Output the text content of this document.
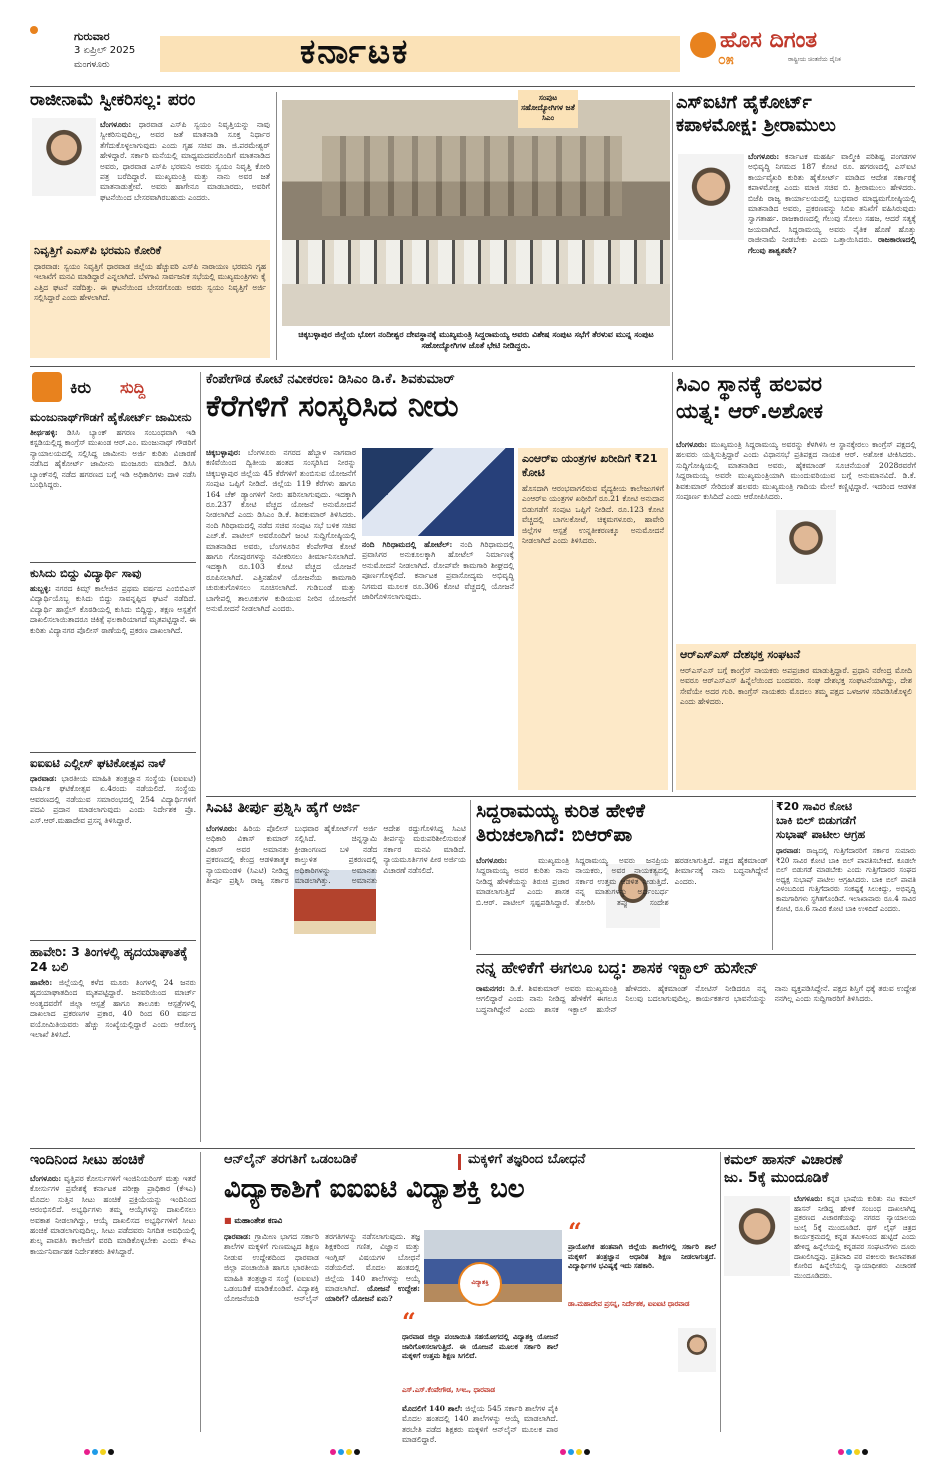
ಗುರುವಾರ
3 ಏಪ್ರಿಲ್ 2025
ಮಂಗಳೂರು	ಕರ್ನಾಟಕ	ಹೊಸ ದಿಗಂತ
ರಾಷ್ಟ್ರೀಯ ಚಿಂತನೆಯ ದೈನಿಕ
೦೫
ರಾಜೀನಾಮೆ ಸ್ವೀಕರಿಸಲ್ಲ: ಪರಂ
ಬೆಂಗಳೂರು: ಧಾರವಾಡ ಎಸ್‌ಪಿ ಸ್ವಯಂ ನಿವೃತ್ತಿಯನ್ನು ನಾವು ಸ್ವೀಕರಿಸುವುದಿಲ್ಲ, ಅವರ ಜತೆ ಮಾತನಾಡಿ ಸೂಕ್ತ ನಿರ್ಧಾರ ತೆಗೆದುಕೊಳ್ಳಲಾಗುವುದು ಎಂದು ಗೃಹ ಸಚಿವ ಡಾ. ಜಿ.ಪರಮೇಶ್ವರ್ ಹೇಳಿದ್ದಾರೆ. ಸರ್ಕಾರಿ ಮನೆಯಲ್ಲಿ ಮಾಧ್ಯಮದವರೊಂದಿಗೆ ಮಾತನಾಡಿದ ಅವರು, ಧಾರವಾಡ ಎಸ್‌ಪಿ ಭರಮನಿ ಅವರು ಸ್ವಯಂ ನಿವೃತ್ತಿ ಕೋರಿ ಪತ್ರ ಬರೆದಿದ್ದಾರೆ. ಮುಖ್ಯಮಂತ್ರಿ ಮತ್ತು ನಾನು ಅವರ ಜತೆ ಮಾತನಾಡುತ್ತೇವೆ. ಅವರು ಹಾಗೇನೂ ಮಾಡಬಾರದು, ಅವರಿಗೆ ಘಟನೆಯಿಂದ ಬೇಸರವಾಗಿರಬಹುದು ಎಂದರು.
ನಿವೃತ್ತಿಗೆ ಎಎಸ್‌ಪಿ ಭರಮನಿ ಕೋರಿಕೆ
ಧಾರವಾಡ: ಸ್ವಯಂ ನಿವೃತ್ತಿಗೆ ಧಾರವಾಡ ಜಿಲ್ಲೆಯ ಹೆಚ್ಚುವರಿ ಎಸ್‌ಪಿ ನಾರಾಯಣ ಭರಮನಿ ಗೃಹ ಇಲಾಖೆಗೆ ಮನವಿ ಮಾಡಿದ್ದಾರೆ ಎನ್ನಲಾಗಿದೆ. ಬೆಳಗಾವಿ ಸಾರ್ವಜನಿಕ ಸಭೆಯಲ್ಲಿ ಮುಖ್ಯಮಂತ್ರಿಗಳು ಕೈ ಎತ್ತಿದ ಘಟನೆ ನಡೆದಿತ್ತು. ಈ ಘಟನೆಯಿಂದ ಬೇಸರಗೊಂಡು ಅವರು ಸ್ವಯಂ ನಿವೃತ್ತಿಗೆ ಅರ್ಜಿ ಸಲ್ಲಿಸಿದ್ದಾರೆ ಎಂದು ಹೇಳಲಾಗಿದೆ.
ಸಂಪುಟ ಸಹೋದ್ಯೋಗಿಗಳ ಜತೆ ಸಿಎಂ
ಚಿಕ್ಕಬಳ್ಳಾಪುರ ಜಿಲ್ಲೆಯ ಭೋಗ ನಂದೀಶ್ವರ ದೇವಸ್ಥಾನಕ್ಕೆ ಮುಖ್ಯಮಂತ್ರಿ ಸಿದ್ದರಾಮಯ್ಯ ಅವರು ವಿಶೇಷ ಸಂಪುಟ ಸಭೆಗೆ ತೆರಳುವ ಮುನ್ನ ಸಂಪುಟ ಸಹೋದ್ಯೋಗಿಗಳ ಜೊತೆ ಭೇಟಿ ನೀಡಿದ್ದರು.
ಎಸ್‌ಐಟಿಗೆ ಹೈಕೋರ್ಟ್
ಕಪಾಳಮೋಕ್ಷ: ಶ್ರೀರಾಮುಲು
ಬೆಂಗಳೂರು: ಕರ್ನಾಟಕ ಮಹರ್ಷಿ ವಾಲ್ಮೀಕಿ ಪರಿಶಿಷ್ಟ ಪಂಗಡಗಳ ಅಭಿವೃದ್ಧಿ ನಿಗಮದ 187 ಕೋಟಿ ರೂ. ಹಗರಣದಲ್ಲಿ ಎಸ್‌ಐಟಿ ಕಾರ್ಯವೈಖರಿ ಕುರಿತು ಹೈಕೋರ್ಟ್ ಮಾಡಿದ ಆದೇಶ ಸರ್ಕಾರಕ್ಕೆ ಕಪಾಳಮೋಕ್ಷ ಎಂದು ಮಾಜಿ ಸಚಿವ ಬಿ. ಶ್ರೀರಾಮುಲು ಹೇಳಿದರು. ಬಿಜೆಪಿ ರಾಜ್ಯ ಕಾರ್ಯಾಲಯದಲ್ಲಿ ಬುಧವಾರ ಮಾಧ್ಯಮಗೋಷ್ಠಿಯಲ್ಲಿ ಮಾತನಾಡಿದ ಅವರು, ಪ್ರಕರಣವನ್ನು ಸಿಬಿಐ ತನಿಖೆಗೆ ವಹಿಸಿರುವುದು ಸ್ವಾಗತಾರ್ಹ. ರಾಜಕಾರಣದಲ್ಲಿ ಗೆಲುವು ಸೋಲು ಸಹಜ, ಆದರೆ ಸತ್ಯಕ್ಕೆ ಜಯವಾಗಿದೆ. ಸಿದ್ದರಾಮಯ್ಯ ಅವರು ನೈತಿಕ ಹೊಣೆ ಹೊತ್ತು ರಾಜೀನಾಮೆ ನೀಡಬೇಕು ಎಂದು ಒತ್ತಾಯಿಸಿದರು. ರಾಜಕಾರಣದಲ್ಲಿ ಗೆಲುವು ಶಾಶ್ವತವೇ?
ಕಿರು ಸುದ್ದಿ
ಮಂಜುನಾಥ್‌ಗೌಡಗೆ ಹೈಕೋರ್ಟ್ ಜಾಮೀನು
ತೀರ್ಥಹಳ್ಳಿ: ಡಿಸಿಸಿ ಬ್ಯಾಂಕ್ ಹಗರಣ ಸಂಬಂಧವಾಗಿ ಇಡಿ ಕಸ್ಟಡಿಯಲ್ಲಿದ್ದ ಕಾಂಗ್ರೆಸ್ ಮುಖಂಡ ಆರ್.ಎಂ. ಮಂಜುನಾಥ್ ಗೌಡರಿಗೆ ನ್ಯಾಯಾಲಯದಲ್ಲಿ ಸಲ್ಲಿಸಿದ್ದ ಜಾಮೀನು ಅರ್ಜಿ ಕುರಿತು ವಿಚಾರಣೆ ನಡೆಸಿದ ಹೈಕೋರ್ಟ್ ಜಾಮೀನು ಮಂಜೂರು ಮಾಡಿದೆ. ಡಿಸಿಸಿ ಬ್ಯಾಂಕ್‌ನಲ್ಲಿ ನಡೆದ ಹಗರಣದ ಬಗ್ಗೆ ಇಡಿ ಅಧಿಕಾರಿಗಳು ದಾಳಿ ನಡೆಸಿ ಬಂಧಿಸಿದ್ದರು.
ಕುಸಿದು ಬಿದ್ದು ವಿದ್ಯಾರ್ಥಿ ಸಾವು
ಹುಬ್ಬಳ್ಳಿ: ನಗರದ ಕಿಮ್ಸ್ ಕಾಲೇಜಿನ ಪ್ರಥಮ ವರ್ಷದ ಎಂಬಿಬಿಎಸ್ ವಿದ್ಯಾರ್ಥಿಯೊಬ್ಬ ಕುಸಿದು ಬಿದ್ದು ಸಾವನ್ನಪ್ಪಿದ ಘಟನೆ ನಡೆದಿದೆ. ವಿದ್ಯಾರ್ಥಿ ಹಾಸ್ಟೆಲ್ ಕೊಠಡಿಯಲ್ಲಿ ಕುಸಿದು ಬಿದ್ದಿದ್ದು, ತಕ್ಷಣ ಆಸ್ಪತ್ರೆಗೆ ದಾಖಲಿಸಲಾಯಿತಾದರೂ ಚಿಕಿತ್ಸೆ ಫಲಕಾರಿಯಾಗದೆ ಮೃತಪಟ್ಟಿದ್ದಾನೆ. ಈ ಕುರಿತು ವಿದ್ಯಾನಗರ ಪೊಲೀಸ್ ಠಾಣೆಯಲ್ಲಿ ಪ್ರಕರಣ ದಾಖಲಾಗಿದೆ.
ಐಐಐಟಿ ಎಲ್ಲೀಸ್ ಘಟಿಕೋತ್ಸವ ನಾಳೆ
ಧಾರವಾಡ: ಭಾರತೀಯ ಮಾಹಿತಿ ತಂತ್ರಜ್ಞಾನ ಸಂಸ್ಥೆಯ (ಐಐಐಟಿ) ವಾರ್ಷಿಕ ಘಟಿಕೋತ್ಸವ ಏ.4ರಂದು ನಡೆಯಲಿದೆ. ಸಂಸ್ಥೆಯ ಆವರಣದಲ್ಲಿ ನಡೆಯುವ ಸಮಾರಂಭದಲ್ಲಿ 254 ವಿದ್ಯಾರ್ಥಿಗಳಿಗೆ ಪದವಿ ಪ್ರದಾನ ಮಾಡಲಾಗುವುದು ಎಂದು ನಿರ್ದೇಶಕ ಪ್ರೊ. ಎಸ್.ಆರ್.ಮಹಾದೇವ ಪ್ರಸನ್ನ ತಿಳಿಸಿದ್ದಾರೆ.
ಹಾವೇರಿ: 3 ತಿಂಗಳಲ್ಲಿ ಹೃದಯಾಘಾತಕ್ಕೆ 24 ಬಲಿ
ಹಾವೇರಿ: ಜಿಲ್ಲೆಯಲ್ಲಿ ಕಳೆದ ಮೂರು ತಿಂಗಳಲ್ಲಿ 24 ಜನರು ಹೃದಯಾಘಾತದಿಂದ ಮೃತಪಟ್ಟಿದ್ದಾರೆ. ಜನವರಿಯಿಂದ ಮಾರ್ಚ್ ಅಂತ್ಯದವರೆಗೆ ಜಿಲ್ಲಾ ಆಸ್ಪತ್ರೆ ಹಾಗೂ ತಾಲೂಕು ಆಸ್ಪತ್ರೆಗಳಲ್ಲಿ ದಾಖಲಾದ ಪ್ರಕರಣಗಳ ಪ್ರಕಾರ, 40 ರಿಂದ 60 ವರ್ಷದ ವಯೋಮಿತಿಯವರು ಹೆಚ್ಚು ಸಂಖ್ಯೆಯಲ್ಲಿದ್ದಾರೆ ಎಂದು ಆರೋಗ್ಯ ಇಲಾಖೆ ತಿಳಿಸಿದೆ.
ಕೆಂಪೇಗೌಡ ಕೋಟೆ ನವೀಕರಣ: ಡಿಸಿಎಂ ಡಿ.ಕೆ. ಶಿವಕುಮಾರ್
ಕೆರೆಗಳಿಗೆ ಸಂಸ್ಕರಿಸಿದ ನೀರು
ಚಿಕ್ಕಬಳ್ಳಾಪುರ: ಬೆಂಗಳೂರು ನಗರದ ಹೆಬ್ಬಾಳ ನಾಗವಾರ ಕಣಿವೆಯಿಂದ ದ್ವಿತೀಯ ಹಂತದ ಸಂಸ್ಕರಿಸಿದ ನೀರನ್ನು ಚಿಕ್ಕಬಳ್ಳಾಪುರ ಜಿಲ್ಲೆಯ 45 ಕೆರೆಗಳಿಗೆ ತುಂಬಿಸುವ ಯೋಜನೆಗೆ ಸಂಪುಟ ಒಪ್ಪಿಗೆ ನೀಡಿದೆ. ಜಿಲ್ಲೆಯ 119 ಕೆರೆಗಳು ಹಾಗೂ 164 ಚೆಕ್ ಡ್ಯಾಂಗಳಿಗೆ ನೀರು ಹರಿಸಲಾಗುವುದು. ಇದಕ್ಕಾಗಿ ರೂ.237 ಕೋಟಿ ವೆಚ್ಚದ ಯೋಜನೆ ಅನುಮೋದನೆ ನೀಡಲಾಗಿದೆ ಎಂದು ಡಿಸಿಎಂ ಡಿ.ಕೆ. ಶಿವಕುಮಾರ್ ತಿಳಿಸಿದರು. ನಂದಿ ಗಿರಿಧಾಮದಲ್ಲಿ ನಡೆದ ಸಚಿವ ಸಂಪುಟ ಸಭೆ ಬಳಿಕ ಸಚಿವ ಎಚ್.ಕೆ. ಪಾಟೀಲ್ ಅವರೊಂದಿಗೆ ಜಂಟಿ ಸುದ್ದಿಗೋಷ್ಠಿಯಲ್ಲಿ ಮಾತನಾಡಿದ ಅವರು, ಬೆಂಗಳೂರಿನ ಕೆಂಪೇಗೌಡ ಕೋಟೆ ಹಾಗೂ ಗೋಪುರಗಳನ್ನು ನವೀಕರಿಸಲು ತೀರ್ಮಾನಿಸಲಾಗಿದೆ. ಇದಕ್ಕಾಗಿ ರೂ.103 ಕೋಟಿ ವೆಚ್ಚದ ಯೋಜನೆ ರೂಪಿಸಲಾಗಿದೆ. ಎತ್ತಿನಹೊಳೆ ಯೋಜನೆಯ ಕಾಮಗಾರಿ ಚುರುಕುಗೊಳಿಸಲು ಸೂಚಿಸಲಾಗಿದೆ. ಗುಡಿಬಂಡೆ ಮತ್ತು ಬಾಗೇಪಲ್ಲಿ ತಾಲೂಕುಗಳ ಕುಡಿಯುವ ನೀರಿನ ಯೋಜನೆಗೆ ಅನುಮೋದನೆ ನೀಡಲಾಗಿದೆ ಎಂದರು.
ನಂದಿ ಗಿರಿಧಾಮದಲ್ಲಿ ಹೋಟೆಲ್: ನಂದಿ ಗಿರಿಧಾಮದಲ್ಲಿ ಪ್ರವಾಸಿಗರ ಅನುಕೂಲಕ್ಕಾಗಿ ಹೋಟೆಲ್ ನಿರ್ಮಾಣಕ್ಕೆ ಅನುಮೋದನೆ ನೀಡಲಾಗಿದೆ. ರೋಪ್‌ವೇ ಕಾಮಗಾರಿ ಶೀಘ್ರದಲ್ಲಿ ಪೂರ್ಣಗೊಳ್ಳಲಿದೆ. ಕರ್ನಾಟಕ ಪ್ರವಾಸೋದ್ಯಮ ಅಭಿವೃದ್ಧಿ ನಿಗಮದ ಮೂಲಕ ರೂ.306 ಕೋಟಿ ವೆಚ್ಚದಲ್ಲಿ ಯೋಜನೆ ಜಾರಿಗೊಳಿಸಲಾಗುವುದು.
ಎಂಆರ್‌ಐ ಯಂತ್ರಗಳ ಖರೀದಿಗೆ ₹21 ಕೋಟಿ
ಹೊಸದಾಗಿ ಆರಂಭವಾಗಲಿರುವ ವೈದ್ಯಕೀಯ ಕಾಲೇಜುಗಳಿಗೆ ಎಂಆರ್‌ಐ ಯಂತ್ರಗಳ ಖರೀದಿಗೆ ರೂ.21 ಕೋಟಿ ಅನುದಾನ ಬಿಡುಗಡೆಗೆ ಸಂಪುಟ ಒಪ್ಪಿಗೆ ನೀಡಿದೆ. ರೂ.123 ಕೋಟಿ ವೆಚ್ಚದಲ್ಲಿ ಬಾಗಲಕೋಟೆ, ಚಿಕ್ಕಮಗಳೂರು, ಹಾವೇರಿ ಜಿಲ್ಲೆಗಳ ಆಸ್ಪತ್ರೆ ಉನ್ನತೀಕರಣಕ್ಕೂ ಅನುಮೋದನೆ ನೀಡಲಾಗಿದೆ ಎಂದು ತಿಳಿಸಿದರು.
ಸಿಎಂ ಸ್ಥಾನಕ್ಕೆ ಹಲವರ
ಯತ್ನ: ಆರ್.ಅಶೋಕ
ಬೆಂಗಳೂರು: ಮುಖ್ಯಮಂತ್ರಿ ಸಿದ್ದರಾಮಯ್ಯ ಅವರನ್ನು ಕೆಳಗಿಳಿಸಿ ಆ ಸ್ಥಾನಕ್ಕೇರಲು ಕಾಂಗ್ರೆಸ್ ಪಕ್ಷದಲ್ಲಿ ಹಲವರು ಯತ್ನಿಸುತ್ತಿದ್ದಾರೆ ಎಂದು ವಿಧಾನಸಭೆ ಪ್ರತಿಪಕ್ಷದ ನಾಯಕ ಆರ್. ಅಶೋಕ ಟೀಕಿಸಿದರು. ಸುದ್ದಿಗೋಷ್ಠಿಯಲ್ಲಿ ಮಾತನಾಡಿದ ಅವರು, ಹೈಕಮಾಂಡ್ ಸೂಚನೆಯಂತೆ 2028ರವರೆಗೆ ಸಿದ್ದರಾಮಯ್ಯ ಅವರೇ ಮುಖ್ಯಮಂತ್ರಿಯಾಗಿ ಮುಂದುವರಿಯುವ ಬಗ್ಗೆ ಅನುಮಾನವಿದೆ. ಡಿ.ಕೆ. ಶಿವಕುಮಾರ್ ಸೇರಿದಂತೆ ಹಲವರು ಮುಖ್ಯಮಂತ್ರಿ ಗಾದಿಯ ಮೇಲೆ ಕಣ್ಣಿಟ್ಟಿದ್ದಾರೆ. ಇದರಿಂದ ಆಡಳಿತ ಸಂಪೂರ್ಣ ಕುಸಿದಿದೆ ಎಂದು ಆರೋಪಿಸಿದರು.
ಆರ್‌ಎಸ್‌ಎಸ್ ದೇಶಭಕ್ತ ಸಂಘಟನೆ
ಆರ್‌ಎಸ್‌ಎಸ್ ಬಗ್ಗೆ ಕಾಂಗ್ರೆಸ್ ನಾಯಕರು ಅಪಪ್ರಚಾರ ಮಾಡುತ್ತಿದ್ದಾರೆ. ಪ್ರಧಾನಿ ನರೇಂದ್ರ ಮೋದಿ ಅವರೂ ಆರ್‌ಎಸ್‌ಎಸ್ ಹಿನ್ನೆಲೆಯಿಂದ ಬಂದವರು. ಸಂಘ ದೇಶಭಕ್ತ ಸಂಘಟನೆಯಾಗಿದ್ದು, ದೇಶ ಸೇವೆಯೇ ಅದರ ಗುರಿ. ಕಾಂಗ್ರೆಸ್ ನಾಯಕರು ಮೊದಲು ತಮ್ಮ ಪಕ್ಷದ ಒಳಜಗಳ ಸರಿಪಡಿಸಿಕೊಳ್ಳಲಿ ಎಂದು ಹೇಳಿದರು.
ಸಿಎಟಿ ತೀರ್ಪು ಪ್ರಶ್ನಿಸಿ ಹೈಗೆ ಅರ್ಜಿ
ಬೆಂಗಳೂರು: ಹಿರಿಯ ಪೊಲೀಸ್ ಅಧಿಕಾರಿ ವಿಕಾಸ್ ಕುಮಾರ್ ವಿಕಾಸ್ ಅವರ ಅಮಾನತು ಪ್ರಕರಣದಲ್ಲಿ ಕೇಂದ್ರ ಆಡಳಿತಾತ್ಮಕ ನ್ಯಾಯಮಂಡಳಿ (ಸಿಎಟಿ) ನೀಡಿದ್ದ ತೀರ್ಪು ಪ್ರಶ್ನಿಸಿ ರಾಜ್ಯ ಸರ್ಕಾರ ಬುಧವಾರ ಹೈಕೋರ್ಟ್‌ಗೆ ಅರ್ಜಿ ಸಲ್ಲಿಸಿದೆ. ಚಿನ್ನಸ್ವಾಮಿ ಕ್ರೀಡಾಂಗಣದ ಬಳಿ ನಡೆದ ಕಾಲ್ತುಳಿತ ಪ್ರಕರಣದಲ್ಲಿ ಅಧಿಕಾರಿಗಳನ್ನು ಅಮಾನತು ಮಾಡಲಾಗಿತ್ತು. ಅಮಾನತು ಆದೇಶ ರದ್ದುಗೊಳಿಸಿದ್ದ ಸಿಎಟಿ ತೀರ್ಪನ್ನು ಮರುಪರಿಶೀಲಿಸುವಂತೆ ಸರ್ಕಾರ ಮನವಿ ಮಾಡಿದೆ. ನ್ಯಾಯಮೂರ್ತಿಗಳ ಪೀಠ ಅರ್ಜಿಯ ವಿಚಾರಣೆ ನಡೆಸಲಿದೆ.
ಸಿದ್ದರಾಮಯ್ಯ ಕುರಿತ ಹೇಳಿಕೆ
ತಿರುಚಲಾಗಿದೆ: ಬಿಆರ್‌ಪಾ
ಬೆಂಗಳೂರು:	ಮುಖ್ಯಮಂತ್ರಿ ಸಿದ್ದರಾಮಯ್ಯ ಅವರ ಕುರಿತು ನಾನು ನೀಡಿದ್ದ ಹೇಳಿಕೆಯನ್ನು ತಿರುಚಿ ಪ್ರಚಾರ ಮಾಡಲಾಗುತ್ತಿದೆ ಎಂದು ಶಾಸಕ ಬಿ.ಆರ್. ಪಾಟೀಲ್ ಸ್ಪಷ್ಟಪಡಿಸಿದ್ದಾರೆ. ಸಿದ್ದರಾಮಯ್ಯ ಅವರು ಜನಪ್ರಿಯ ನಾಯಕರು, ಅವರ ನಾಯಕತ್ವದಲ್ಲಿ ಸರ್ಕಾರ ಉತ್ತಮ ಆಡಳಿತ ನೀಡುತ್ತಿದೆ. ನನ್ನ ಮಾತುಗಳನ್ನು ಅರ್ಧಂಬರ್ಧ ತೋರಿಸಿ ತಪ್ಪು ಸಂದೇಶ ಹರಡಲಾಗುತ್ತಿದೆ. ಪಕ್ಷದ ಹೈಕಮಾಂಡ್ ತೀರ್ಮಾನಕ್ಕೆ ನಾನು ಬದ್ಧನಾಗಿದ್ದೇನೆ ಎಂದರು.
₹20 ಸಾವಿರ ಕೋಟಿ
ಬಾಕಿ ಬಿಲ್ ಬಿಡುಗಡೆಗೆ
ಸುಭಾಷ್ ಪಾಟೀಲ ಆಗ್ರಹ
ಧಾರವಾಡ: ರಾಜ್ಯದಲ್ಲಿ ಗುತ್ತಿಗೆದಾರರಿಗೆ ಸರ್ಕಾರ ಸುಮಾರು ₹20 ಸಾವಿರ ಕೋಟಿ ಬಾಕಿ ಬಿಲ್ ಪಾವತಿಸಬೇಕಿದೆ. ಕೂಡಲೇ ಬಿಲ್ ಬಿಡುಗಡೆ ಮಾಡಬೇಕು ಎಂದು ಗುತ್ತಿಗೆದಾರರ ಸಂಘದ ಅಧ್ಯಕ್ಷ ಸುಭಾಷ್ ಪಾಟೀಲ ಆಗ್ರಹಿಸಿದರು. ಬಾಕಿ ಬಿಲ್ ಪಾವತಿ ವಿಳಂಬದಿಂದ ಗುತ್ತಿಗೆದಾರರು ಸಂಕಷ್ಟಕ್ಕೆ ಸಿಲುಕಿದ್ದು, ಅಭಿವೃದ್ಧಿ ಕಾಮಗಾರಿಗಳು ಸ್ಥಗಿತಗೊಂಡಿವೆ. ಇಲಾಖಾವಾರು ರೂ.4 ಸಾವಿರ ಕೋಟಿ, ರೂ.6 ಸಾವಿರ ಕೋಟಿ ಬಾಕಿ ಉಳಿದಿದೆ ಎಂದರು.
ನನ್ನ ಹೇಳಿಕೆಗೆ ಈಗಲೂ ಬದ್ಧ: ಶಾಸಕ ಇಕ್ಬಾಲ್ ಹುಸೇನ್
ರಾಮನಗರ: ಡಿ.ಕೆ. ಶಿವಕುಮಾರ್ ಅವರು ಮುಖ್ಯಮಂತ್ರಿ ಆಗಲಿದ್ದಾರೆ ಎಂದು ನಾನು ನೀಡಿದ್ದ ಹೇಳಿಕೆಗೆ ಈಗಲೂ ಬದ್ಧನಾಗಿದ್ದೇನೆ ಎಂದು ಶಾಸಕ ಇಕ್ಬಾಲ್ ಹುಸೇನ್ ಹೇಳಿದರು. ಹೈಕಮಾಂಡ್ ನೋಟಿಸ್ ನೀಡಿದರೂ ನನ್ನ ನಿಲುವು ಬದಲಾಗುವುದಿಲ್ಲ. ಕಾರ್ಯಕರ್ತರ ಭಾವನೆಯನ್ನು ನಾನು ವ್ಯಕ್ತಪಡಿಸಿದ್ದೇನೆ. ಪಕ್ಷದ ಶಿಸ್ತಿಗೆ ಧಕ್ಕೆ ತರುವ ಉದ್ದೇಶ ನನಗಿಲ್ಲ ಎಂದು ಸುದ್ದಿಗಾರರಿಗೆ ತಿಳಿಸಿದರು.
ಇಂದಿನಿಂದ ಸೀಟು ಹಂಚಿಕೆ
ಬೆಂಗಳೂರು: ವೃತ್ತಿಪರ ಕೋರ್ಸುಗಳಿಗೆ ಇಂಜಿನಿಯರಿಂಗ್ ಮತ್ತು ಇತರೆ ಕೋರ್ಸುಗಳ ಪ್ರವೇಶಕ್ಕೆ ಕರ್ನಾಟಕ ಪರೀಕ್ಷಾ ಪ್ರಾಧಿಕಾರ (ಕೆಇಎ) ಮೊದಲ ಸುತ್ತಿನ ಸೀಟು ಹಂಚಿಕೆ ಪ್ರಕ್ರಿಯೆಯನ್ನು ಇಂದಿನಿಂದ ಆರಂಭಿಸಲಿದೆ. ಅಭ್ಯರ್ಥಿಗಳು ತಮ್ಮ ಆಯ್ಕೆಗಳನ್ನು ದಾಖಲಿಸಲು ಅವಕಾಶ ನೀಡಲಾಗಿದ್ದು, ಆಯ್ಕೆ ದಾಖಲಿಸದ ಅಭ್ಯರ್ಥಿಗಳಿಗೆ ಸೀಟು ಹಂಚಿಕೆ ಮಾಡಲಾಗುವುದಿಲ್ಲ. ಸೀಟು ಪಡೆದವರು ನಿಗದಿತ ಅವಧಿಯಲ್ಲಿ ಶುಲ್ಕ ಪಾವತಿಸಿ ಕಾಲೇಜಿಗೆ ವರದಿ ಮಾಡಿಕೊಳ್ಳಬೇಕು ಎಂದು ಕೆಇಎ ಕಾರ್ಯನಿರ್ವಾಹಕ ನಿರ್ದೇಶಕರು ತಿಳಿಸಿದ್ದಾರೆ.
ಆನ್‌ಲೈನ್ ತರಗತಿಗೆ ಒಡಂಬಡಿಕೆ	ಮಕ್ಕಳಿಗೆ ತಜ್ಞರಿಂದ ಬೋಧನೆ
ವಿದ್ಯಾಕಾಶಿಗೆ ಐಐಐಟಿ ವಿದ್ಯಾಶಕ್ತಿ ಬಲ
■ ಮಹಾಂತೇಶ ಕಣವಿ
ಧಾರವಾಡ: ಗ್ರಾಮೀಣ ಭಾಗದ ಸರ್ಕಾರಿ ಶಾಲೆಗಳ ಮಕ್ಕಳಿಗೆ ಗುಣಮಟ್ಟದ ಶಿಕ್ಷಣ ನೀಡುವ ಉದ್ದೇಶದಿಂದ ಧಾರವಾಡ ಜಿಲ್ಲಾ ಪಂಚಾಯಿತಿ ಹಾಗೂ ಭಾರತೀಯ ಮಾಹಿತಿ ತಂತ್ರಜ್ಞಾನ ಸಂಸ್ಥೆ (ಐಐಐಟಿ) ಒಡಂಬಡಿಕೆ ಮಾಡಿಕೊಂಡಿವೆ. ವಿದ್ಯಾಶಕ್ತಿ ಯೋಜನೆಯಡಿ ಆನ್‌ಲೈನ್ ತರಗತಿಗಳನ್ನು ನಡೆಸಲಾಗುವುದು. ತಜ್ಞ ಶಿಕ್ಷಕರಿಂದ ಗಣಿತ, ವಿಜ್ಞಾನ ಮತ್ತು ಇಂಗ್ಲಿಷ್ ವಿಷಯಗಳ ಬೋಧನೆ ನಡೆಯಲಿದೆ. ಮೊದಲ ಹಂತದಲ್ಲಿ ಜಿಲ್ಲೆಯ 140 ಶಾಲೆಗಳನ್ನು ಆಯ್ಕೆ ಮಾಡಲಾಗಿದೆ. ಯೋಜನೆ ಉದ್ದೇಶ: ಯಾರಿಗೆ? ಯೋಜನೆ ಏನು?
ವಿದ್ಯಾಶಕ್ತಿ
“
ಧಾರವಾಡ ಜಿಲ್ಲಾ ಪಂಚಾಯಿತಿ ಸಹಯೋಗದಲ್ಲಿ ವಿದ್ಯಾಶಕ್ತಿ ಯೋಜನೆ ಜಾರಿಗೊಳಿಸಲಾಗುತ್ತಿದೆ. ಈ ಯೋಜನೆ ಮೂಲಕ ಸರ್ಕಾರಿ ಶಾಲೆ ಮಕ್ಕಳಿಗೆ ಉತ್ತಮ ಶಿಕ್ಷಣ ಸಿಗಲಿದೆ.
ಎಸ್.ಎಸ್.ಕೆಂಪೇಗೌಡ, ಸಿಇಒ, ಧಾರವಾಡ
ಮೊದಲಿಗೆ 140 ಶಾಲೆ: ಜಿಲ್ಲೆಯ 545 ಸರ್ಕಾರಿ ಶಾಲೆಗಳ ಪೈಕಿ ಮೊದಲ ಹಂತದಲ್ಲಿ 140 ಶಾಲೆಗಳನ್ನು ಆಯ್ಕೆ ಮಾಡಲಾಗಿದೆ. ತರಬೇತಿ ಪಡೆದ ಶಿಕ್ಷಕರು ಮಕ್ಕಳಿಗೆ ಆನ್‌ಲೈನ್ ಮೂಲಕ ಪಾಠ ಮಾಡಲಿದ್ದಾರೆ.
“
ಪ್ರಾಯೋಗಿಕ ಹಂತವಾಗಿ ಜಿಲ್ಲೆಯ ಶಾಲೆಗಳಲ್ಲಿ ಸರ್ಕಾರಿ ಶಾಲೆ ಮಕ್ಕಳಿಗೆ ತಂತ್ರಜ್ಞಾನ ಆಧಾರಿತ ಶಿಕ್ಷಣ ನೀಡಲಾಗುತ್ತದೆ. ವಿದ್ಯಾರ್ಥಿಗಳ ಭವಿಷ್ಯಕ್ಕೆ ಇದು ಸಹಕಾರಿ.
ಡಾ.ಮಹಾದೇವ ಪ್ರಸನ್ನ, ನಿರ್ದೇಶಕ, ಐಐಐಟಿ ಧಾರವಾಡ
ಕಮಲ್ ಹಾಸನ್ ವಿಚಾರಣೆ
ಜು. 5ಕ್ಕೆ ಮುಂದೂಡಿಕೆ
ಬೆಂಗಳೂರು: ಕನ್ನಡ ಭಾಷೆಯ ಕುರಿತು ನಟ ಕಮಲ್ ಹಾಸನ್ ನೀಡಿದ್ದ ಹೇಳಿಕೆ ಸಂಬಂಧ ದಾಖಲಾಗಿದ್ದ ಪ್ರಕರಣದ ವಿಚಾರಣೆಯನ್ನು ನಗರದ ನ್ಯಾಯಾಲಯ ಜುಲೈ 5ಕ್ಕೆ ಮುಂದೂಡಿದೆ. ಥಗ್ ಲೈಫ್ ಚಿತ್ರದ ಕಾರ್ಯಕ್ರಮದಲ್ಲಿ ಕನ್ನಡ ತಮಿಳಿನಿಂದ ಹುಟ್ಟಿದೆ ಎಂದು ಹೇಳಿದ್ದ ಹಿನ್ನೆಲೆಯಲ್ಲಿ ಕನ್ನಡಪರ ಸಂಘಟನೆಗಳು ದೂರು ದಾಖಲಿಸಿದ್ದವು. ಪ್ರತಿವಾದಿ ಪರ ವಕೀಲರು ಕಾಲಾವಕಾಶ ಕೋರಿದ ಹಿನ್ನೆಲೆಯಲ್ಲಿ ನ್ಯಾಯಾಧೀಶರು ವಿಚಾರಣೆ ಮುಂದೂಡಿದರು.
